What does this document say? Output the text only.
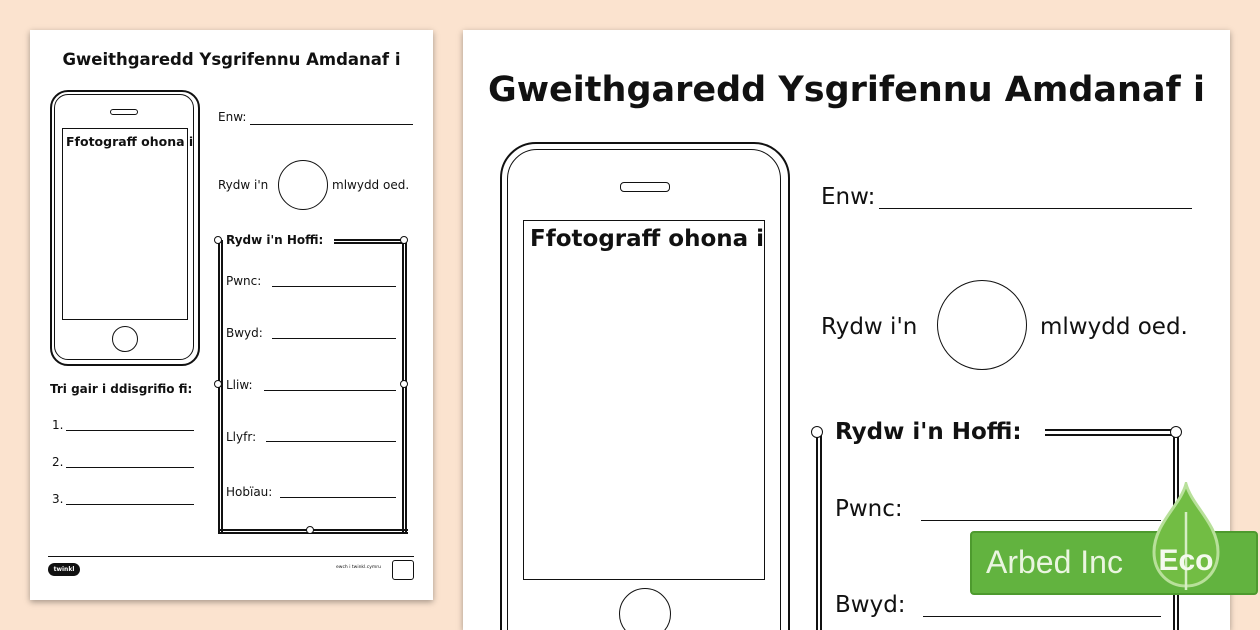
Gweithgaredd Ysgrifennu Amdanaf i
Ffotograff ohona i
Enw:
Rydw i'n	mlwydd oed.
Rydw i'n Hoffi:
Pwnc:
Bwyd:
Lliw:
Llyfr:
Hobïau:
Tri gair i ddisgrifio fi:
1.
2.
3.
twinkl	ewch i twinkl.cymru
Gweithgaredd Ysgrifennu Amdanaf i
Ffotograff ohona i
Enw:
Rydw i'n	mlwydd oed.
Rydw i'n Hoffi:
Pwnc:
Bwyd:
Arbed Inc Eco
